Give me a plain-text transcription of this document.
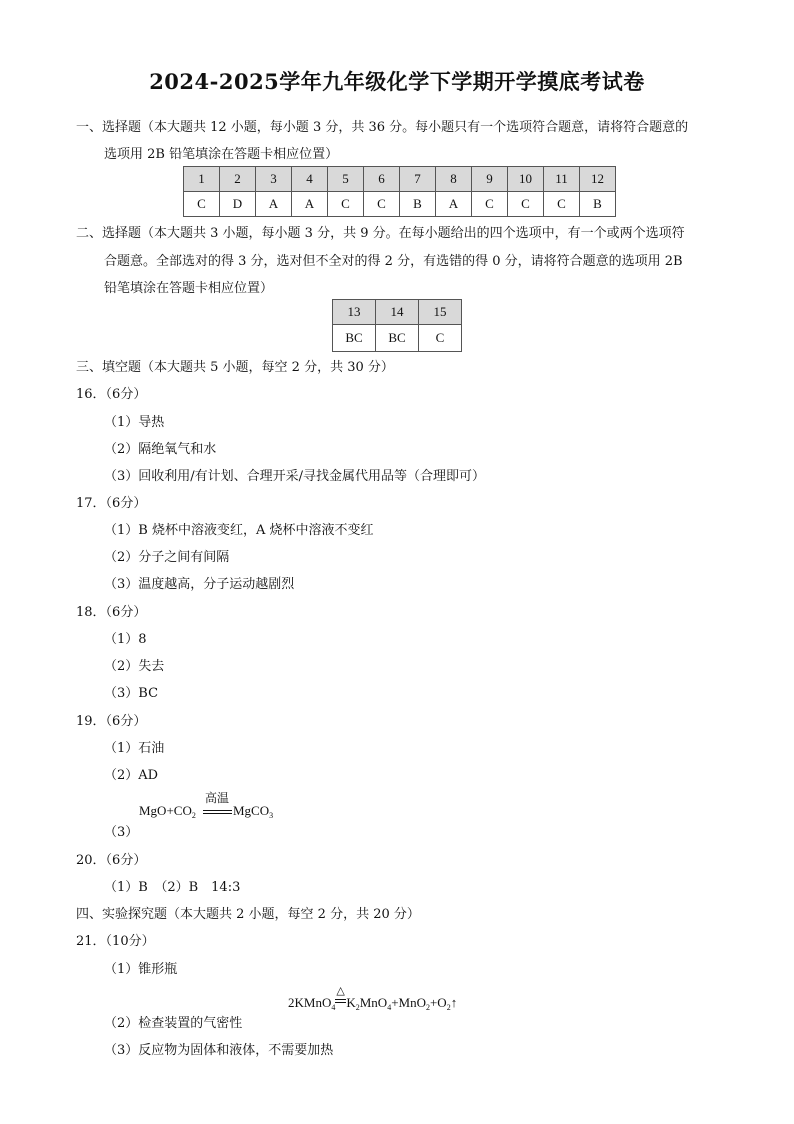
2024-2025学年九年级化学下学期开学摸底考试卷
一、选择题（本大题共 12 小题，每小题 3 分，共 36 分。每小题只有一个选项符合题意，请将符合题意的
选项用 2B 铅笔填涂在答题卡相应位置）
1	2	3	4	5	6	7	8	9	10	11	12
C	D	A	A	C	C	B	A	C	C	C	B
二、选择题（本大题共 3 小题，每小题 3 分，共 9 分。在每小题给出的四个选项中，有一个或两个选项符
合题意。全部选对的得 3 分，选对但不全对的得 2 分，有选错的得 0 分，请将符合题意的选项用 2B
铅笔填涂在答题卡相应位置）
13	14	15
BC	BC	C
三、填空题（本大题共 5 小题，每空 2 分，共 30 分）
16．（6分）
（1）导热
（2）隔绝氧气和水
（3）回收利用/有计划、合理开采/寻找金属代用品等（合理即可）
17．（6分）
（1）B 烧杯中溶液变红，A 烧杯中溶液不变红
（2）分子之间有间隔
（3）温度越高，分子运动越剧烈
18．（6分）
（1）8
（2）失去
（3）BC
19．（6分）
（1）石油
（2）AD
高温
$MgO+CO_2$	MgCO$_3$
（3）
20．（6分）
（1）B　（2）B　14:3
四、实验探究题（本大题共 2 小题，每空 2 分，共 20 分）
21．（10分）
（1）锥形瓶
2KMnO$_4$
△
$K_2MnO_4+MnO_2+O_2↑$
（2）检查装置的气密性
（3）反应物为固体和液体，不需要加热
